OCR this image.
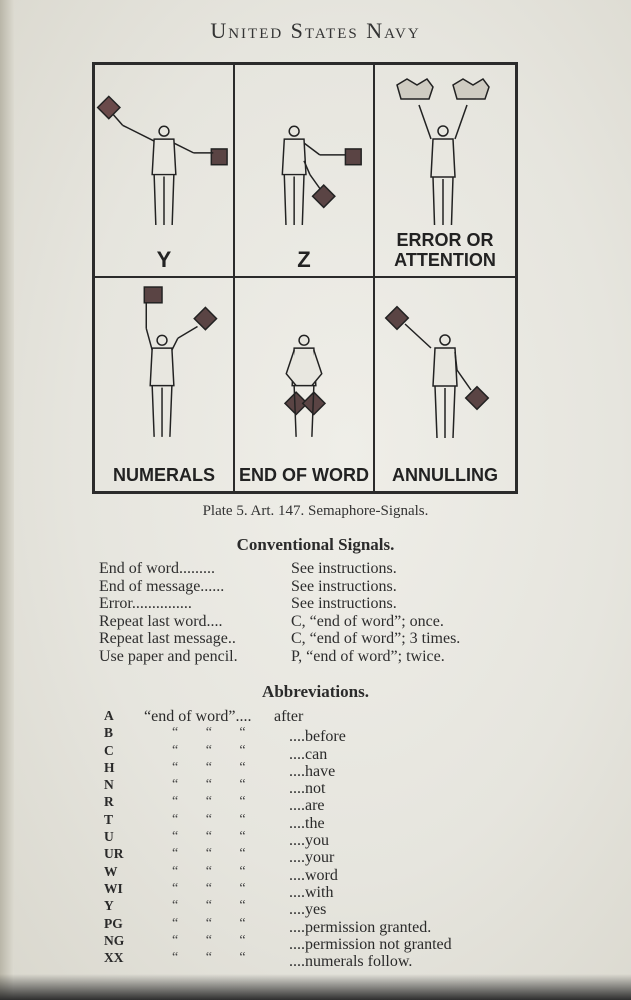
United States Navy
Y	Z
ERROR OR ATTENTION
NUMERALS	END OF WORD	ANNULLING
Plate 5. Art. 147. Semaphore-Signals.
Conventional Signals.
End of word.........	See instructions.
End of message......	See instructions.
Error...............	See instructions.
Repeat last word....	C, “end of word”; once.
Repeat last message..	C, “end of word”; 3 times.
Use paper and pencil.	P, “end of word”; twice.
Abbreviations.
A	“end of word”.... after
B	“ “ “	....before
C	“ “ “	....can
H	“ “ “	....have
N	“ “ “	....not
R	“ “ “	....are
T	“ “ “	....the
U	“ “ “	....you
UR	“ “ “	....your
W	“ “ “	....word
WI	“ “ “	....with
Y	“ “ “	....yes
PG	“ “ “	....permission granted.
NG	“ “ “	....permission not granted
XX	“ “ “	....numerals follow.
